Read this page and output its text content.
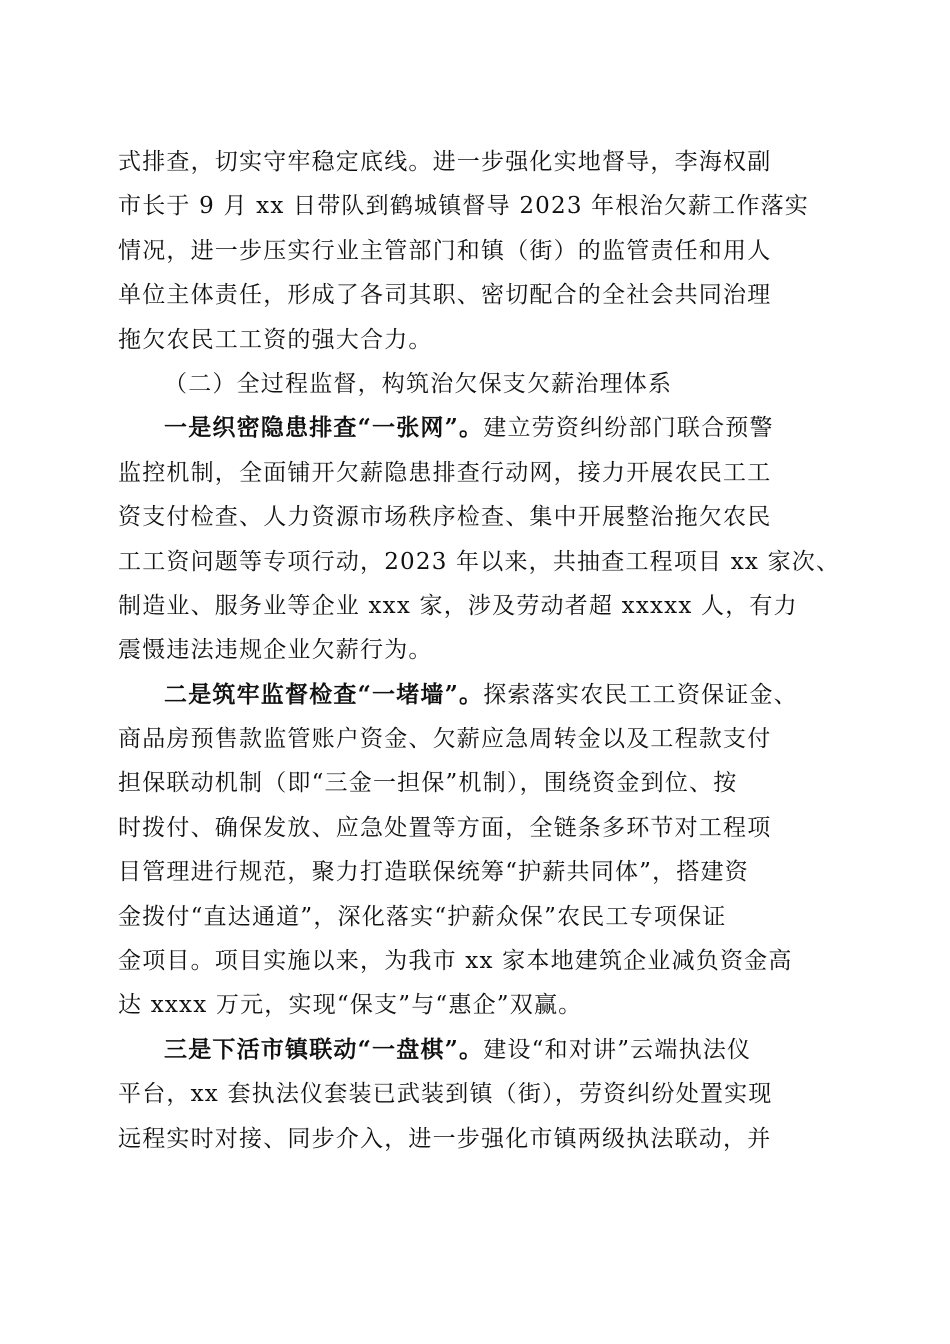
式排查，切实守牢稳定底线。进一步强化实地督导，李海权副
市长于 9 月 xx 日带队到鹤城镇督导 2023 年根治欠薪工作落实
情况，进一步压实行业主管部门和镇（街）的监管责任和用人
单位主体责任，形成了各司其职、密切配合的全社会共同治理
拖欠农民工工资的强大合力。
（二）全过程监督，构筑治欠保支欠薪治理体系
一是织密隐患排查“一张网”。建立劳资纠纷部门联合预警
监控机制，全面铺开欠薪隐患排查行动网，接力开展农民工工
资支付检查、人力资源市场秩序检查、集中开展整治拖欠农民
工工资问题等专项行动，2023 年以来，共抽查工程项目 xx 家次、
制造业、服务业等企业 xxx 家，涉及劳动者超 xxxxx 人，有力
震慑违法违规企业欠薪行为。
二是筑牢监督检查“一堵墙”。探索落实农民工工资保证金、
商品房预售款监管账户资金、欠薪应急周转金以及工程款支付
担保联动机制（即“三金一担保”机制），围绕资金到位、按
时拨付、确保发放、应急处置等方面，全链条多环节对工程项
目管理进行规范，聚力打造联保统筹“护薪共同体”，搭建资
金拨付“直达通道”，深化落实“护薪众保”农民工专项保证
金项目。项目实施以来，为我市 xx 家本地建筑企业减负资金高
达 xxxx 万元，实现“保支”与“惠企”双赢。
三是下活市镇联动“一盘棋”。建设“和对讲”云端执法仪
平台，xx 套执法仪套装已武装到镇（街），劳资纠纷处置实现
远程实时对接、同步介入，进一步强化市镇两级执法联动，并
